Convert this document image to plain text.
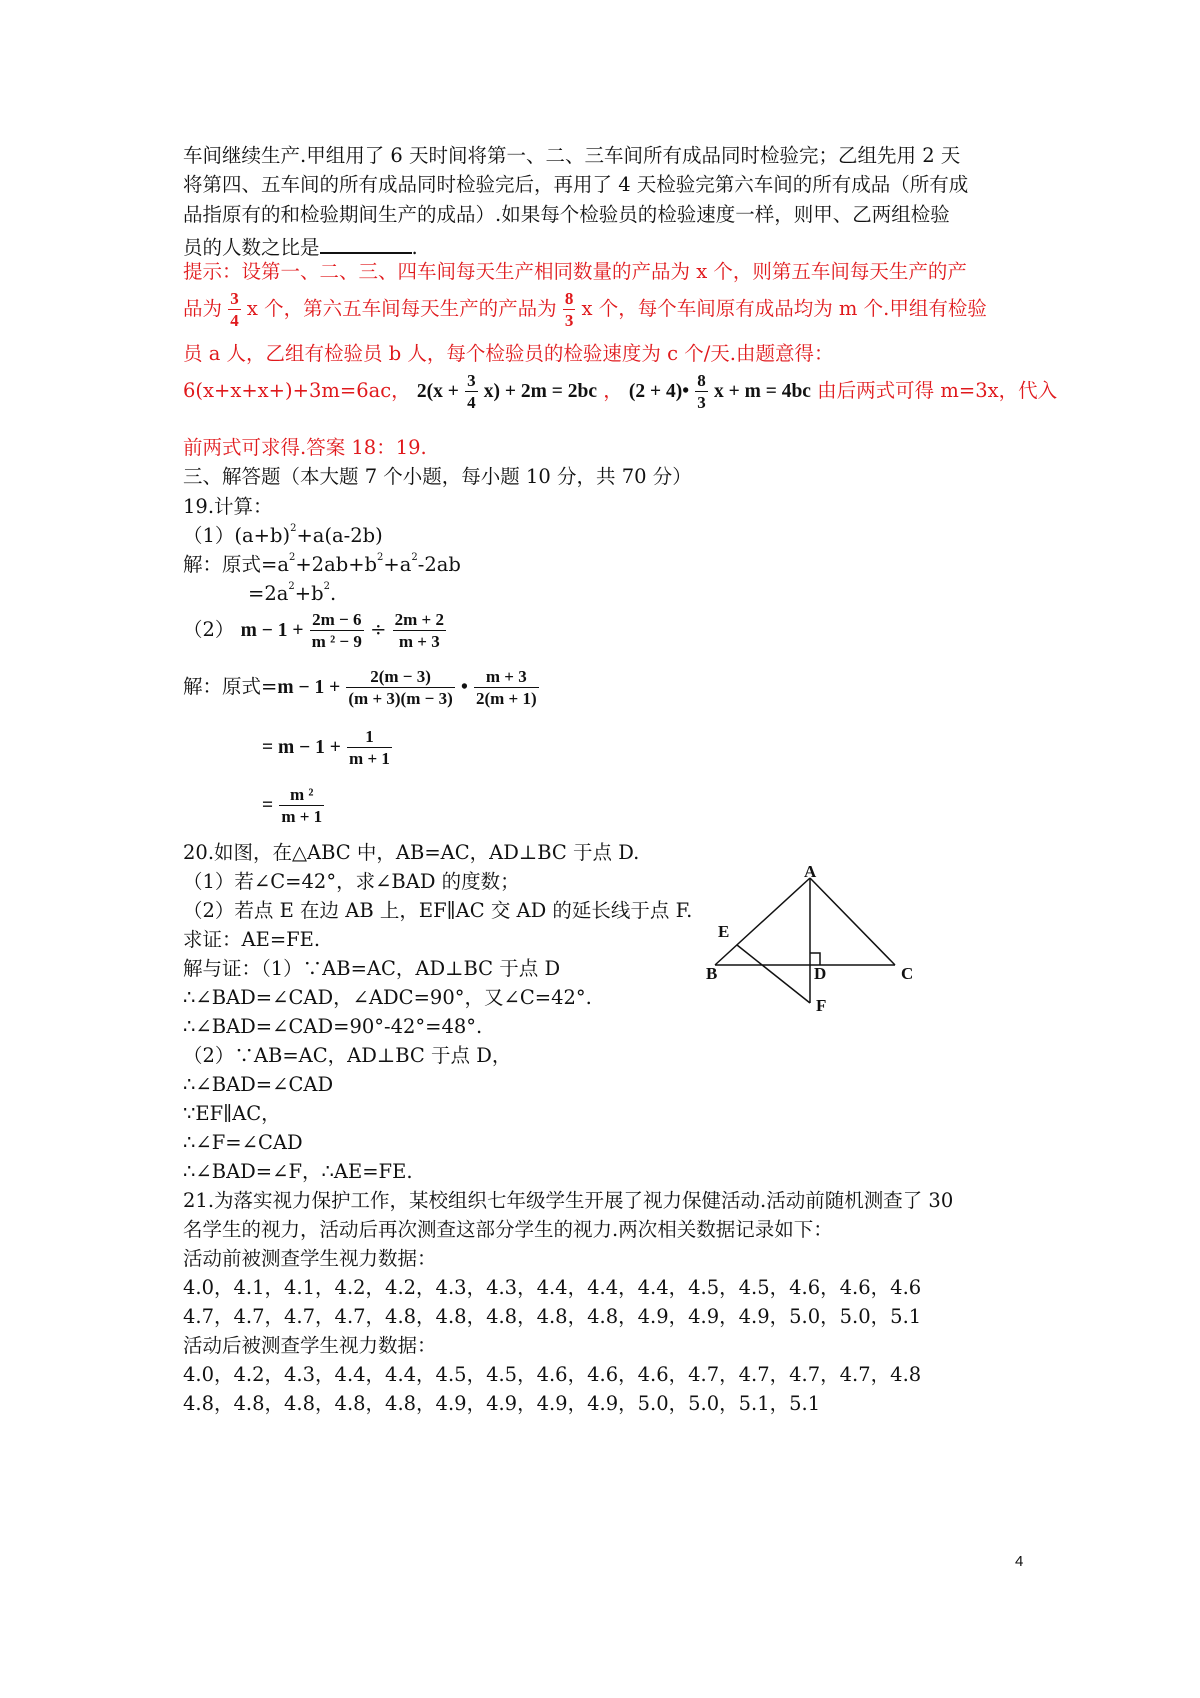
车间继续生产.甲组用了 6 天时间将第一、二、三车间所有成品同时检验完；乙组先用 2 天
将第四、五车间的所有成品同时检验完后，再用了 4 天检验完第六车间的所有成品（所有成
品指原有的和检验期间生产的成品）.如果每个检验员的检验速度一样，则甲、乙两组检验
员的人数之比是	.
提示：设第一、二、三、四车间每天生产相同数量的产品为 x 个，则第五车间每天生产的产
品为 $\frac{3}{4}$ x 个，第六五车间每天生产的产品为 $\frac{8}{3}$ x 个，每个车间原有成品均为 m 个.甲组有检验
员 a 人，乙组有检验员 b 人，每个检验员的检验速度为 c 个/天.由题意得：
6(x+x+x+)+3m=6ac， $2(x + \frac{3}{4} x) + 2m = 2bc$ ， (2 + 4)• $\frac{8}{3}$ x + m = 4bc 由后两式可得 m=3x，代入
前两式可求得.答案 18：19.
三、解答题（本大题 7 个小题，每小题 10 分，共 70 分）
19.计算：
$(1)(a+b)^2+a(a-2b)$
解：原式$=a^2+2ab+b^2+a^2-2ab$
$=2a^2+b^2$.
（2） $m - 1 + \frac{2m - 6}{\text{m ² − 9}} \div \frac{2m + 2}{m + 3}$
解：原式$=m - 1 + \frac{2(m - 3)}{(m + 3)(m - 3)}$ • $\frac{m + 3}{2(m + 1)}$
= $m - 1 + \frac{1}{m + 1}$
= $\frac{\text{m ²}}{m + 1}$
20.如图，在△ABC 中，AB=AC，AD⊥BC 于点 D.
（1）若∠C=42°，求∠BAD 的度数；
（2）若点 E 在边 AB 上，EF∥AC 交 AD 的延长线于点 F.
求证：AE=FE.
解与证：（1）∵AB=AC，AD⊥BC 于点 D
∴∠BAD=∠CAD，∠ADC=90°，又∠C=42°.
∴∠BAD=∠CAD=90°-42°=48°.
（2）∵AB=AC，AD⊥BC 于点 D，
∴∠BAD=∠CAD
∵EF∥AC，
∴∠F=∠CAD
∴∠BAD=∠F，∴AE=FE.
A
B	C
D
E
F
21.为落实视力保护工作，某校组织七年级学生开展了视力保健活动.活动前随机测查了 30
名学生的视力，活动后再次测查这部分学生的视力.两次相关数据记录如下：
活动前被测查学生视力数据：
4.0，4.1，4.1，4.2，4.2，4.3，4.3，4.4，4.4，4.4，4.5，4.5，4.6，4.6，4.6
4.7，4.7，4.7，4.7，4.8，4.8，4.8，4.8，4.8，4.9，4.9，4.9，5.0，5.0，5.1
活动后被测查学生视力数据：
4.0，4.2，4.3，4.4，4.4，4.5，4.5，4.6，4.6，4.6，4.7，4.7，4.7，4.7，4.8
4.8，4.8，4.8，4.8，4.8，4.9，4.9，4.9，4.9，5.0，5.0，5.1，5.1
4
